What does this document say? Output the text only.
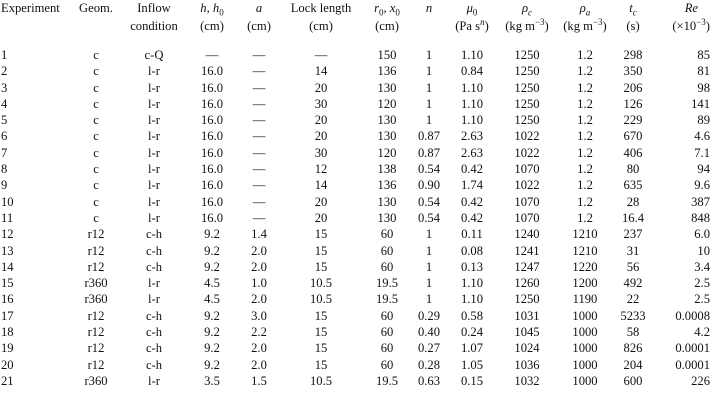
Experiment	Geom.	Inflow	h, $h_0$	a	Lock length	$r_0$, $x_0$	n	$\mu_0$	$\rho_c$	$\rho_a$	$t_c$	Re
		condition	(cm)	(cm)	(cm)	(cm)		(Pa $s^n$)	(kg $m^{-3}$)	(kg $m^{-3}$)	(s)	$(\times 10^{-3})$

1	c	c-Q	—	—	—	150	1	1.10	1250	1.2	298	85
2	c	l-r	16.0	—	14	136	1	0.84	1250	1.2	350	81
3	c	l-r	16.0	—	20	130	1	1.10	1250	1.2	206	98
4	c	l-r	16.0	—	30	120	1	1.10	1250	1.2	126	141
5	c	l-r	16.0	—	20	130	1	1.10	1250	1.2	229	89
6	c	l-r	16.0	—	20	130	0.87	2.63	1022	1.2	670	4.6
7	c	l-r	16.0	—	30	120	0.87	2.63	1022	1.2	406	7.1
8	c	l-r	16.0	—	12	138	0.54	0.42	1070	1.2	80	94
9	c	l-r	16.0	—	14	136	0.90	1.74	1022	1.2	635	9.6
10	c	l-r	16.0	—	20	130	0.54	0.42	1070	1.2	28	387
11	c	l-r	16.0	—	20	130	0.54	0.42	1070	1.2	16.4	848
12	r12	c-h	9.2	1.4	15	60	1	0.11	1240	1210	237	6.0
13	r12	c-h	9.2	2.0	15	60	1	0.08	1241	1210	31	10
14	r12	c-h	9.2	2.0	15	60	1	0.13	1247	1220	56	3.4
15	r360	l-r	4.5	1.0	10.5	19.5	1	1.10	1260	1200	492	2.5
16	r360	l-r	4.5	2.0	10.5	19.5	1	1.10	1250	1190	22	2.5
17	r12	c-h	9.2	3.0	15	60	0.29	0.58	1031	1000	5233	0.0008
18	r12	c-h	9.2	2.2	15	60	0.40	0.24	1045	1000	58	4.2
19	r12	c-h	9.2	2.0	15	60	0.27	1.07	1024	1000	826	0.0001
20	r12	c-h	9.2	2.0	15	60	0.28	1.05	1036	1000	204	0.0001
21	r360	l-r	3.5	1.5	10.5	19.5	0.63	0.15	1032	1000	600	226
